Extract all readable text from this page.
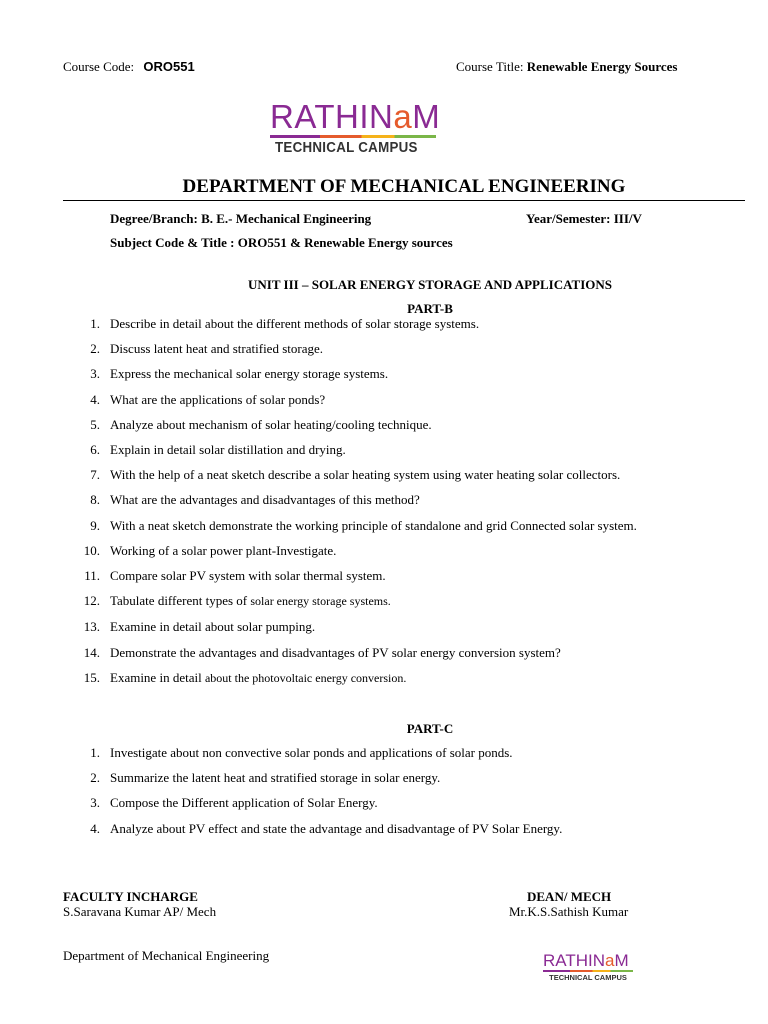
Course Code: ORO551	Course Title: Renewable Energy Sources
RATHIN a M
TECHNICAL CAMPUS
DEPARTMENT OF MECHANICAL ENGINEERING
Degree/Branch: B. E.- Mechanical Engineering	Year/Semester: III/V
Subject Code & Title : ORO551 & Renewable Energy sources
UNIT III – SOLAR ENERGY STORAGE AND APPLICATIONS
PART-B
1. Describe in detail about the different methods of solar storage systems.
2. Discuss latent heat and stratified storage.
3. Express the mechanical solar energy storage systems.
4. What are the applications of solar ponds?
5. Analyze about mechanism of solar heating/cooling technique.
6. Explain in detail solar distillation and drying.
7. With the help of a neat sketch describe a solar heating system using water heating solar collectors.
8. What are the advantages and disadvantages of this method?
9. With a neat sketch demonstrate the working principle of standalone and grid Connected solar system.
10. Working of a solar power plant-Investigate.
11. Compare solar PV system with solar thermal system.
12. Tabulate different types of solar energy storage systems.
13. Examine in detail about solar pumping.
14. Demonstrate the advantages and disadvantages of PV solar energy conversion system?
15. Examine in detail about the photovoltaic energy conversion.
PART-C
1. Investigate about non convective solar ponds and applications of solar ponds.
2. Summarize the latent heat and stratified storage in solar energy.
3. Compose the Different application of Solar Energy.
4. Analyze about PV effect and state the advantage and disadvantage of PV Solar Energy.
FACULTY INCHARGE
S.Saravana Kumar AP/ Mech
DEAN/ MECH
Mr.K.S.Sathish Kumar
Department of Mechanical Engineering	RATHIN a M
TECHNICAL CAMPUS
